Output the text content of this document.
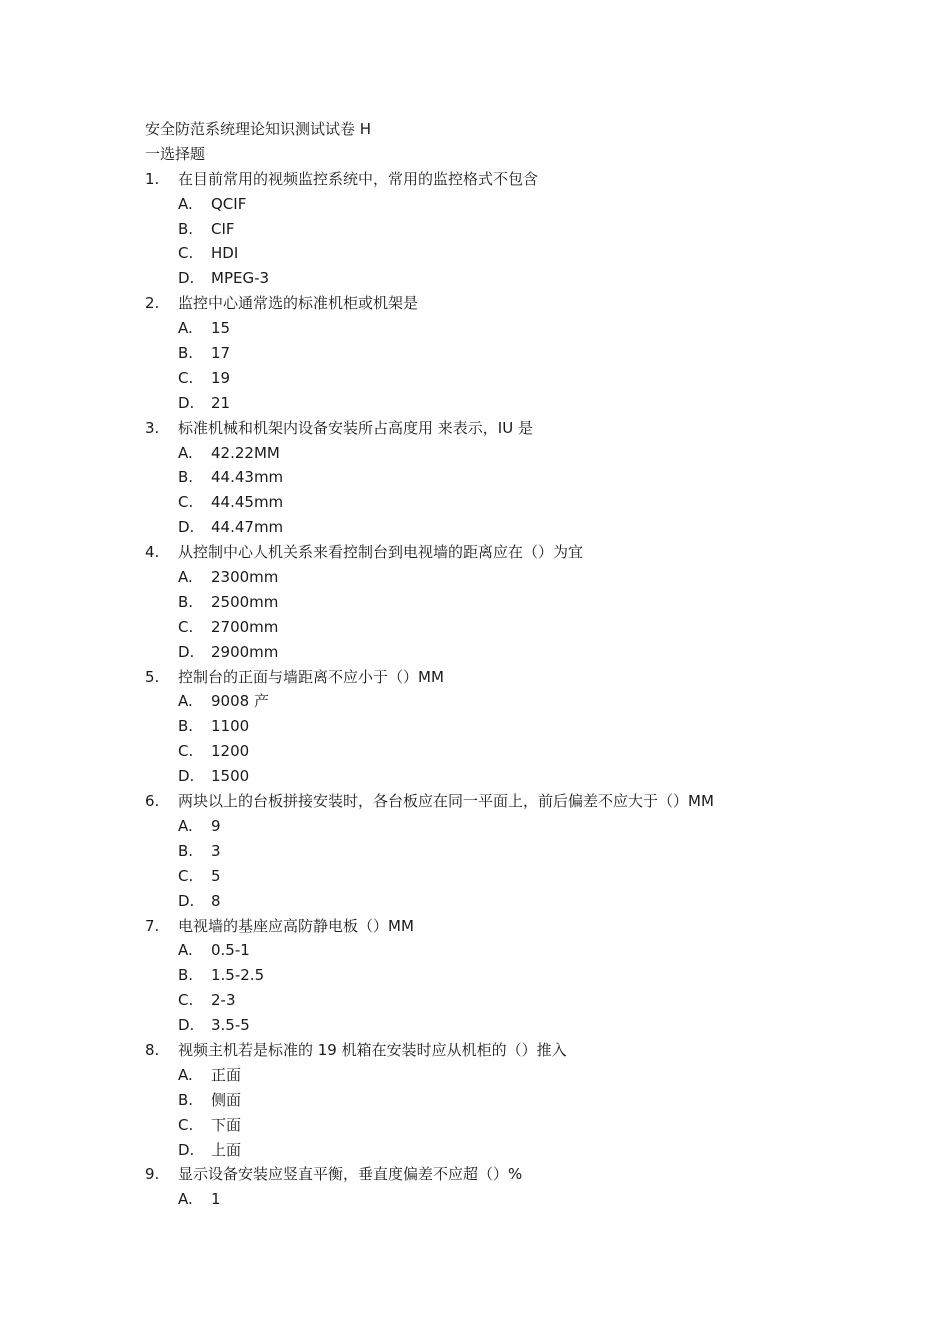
安全防范系统理论知识测试试卷 H
一选择题
1. 在目前常用的视频监控系统中，常用的监控格式不包含
A. QCIF
B. CIF
C. HDI
D. MPEG-3
2. 监控中心通常选的标准机柜或机架是
A. 15
B. 17
C. 19
D. 21
3. 标准机械和机架内设备安装所占高度用 来表示，IU 是
A. 42.22MM
B. 44.43mm
C. 44.45mm
D. 44.47mm
4. 从控制中心人机关系来看控制台到电视墙的距离应在（）为宜
A. 2300mm
B. 2500mm
C. 2700mm
D. 2900mm
5. 控制台的正面与墙距离不应小于（）MM
A. 9008 产
B. 1100
C. 1200
D. 1500
6. 两块以上的台板拼接安装时，各台板应在同一平面上，前后偏差不应大于（）MM
A. 9
B. 3
C. 5
D. 8
7. 电视墙的基座应高防静电板（）MM
A. 0.5-1
B. 1.5-2.5
C. 2-3
D. 3.5-5
8. 视频主机若是标准的 19 机箱在安装时应从机柜的（）推入
A. 正面
B. 侧面
C. 下面
D. 上面
9. 显示设备安装应竖直平衡，垂直度偏差不应超（）%
A. 1
